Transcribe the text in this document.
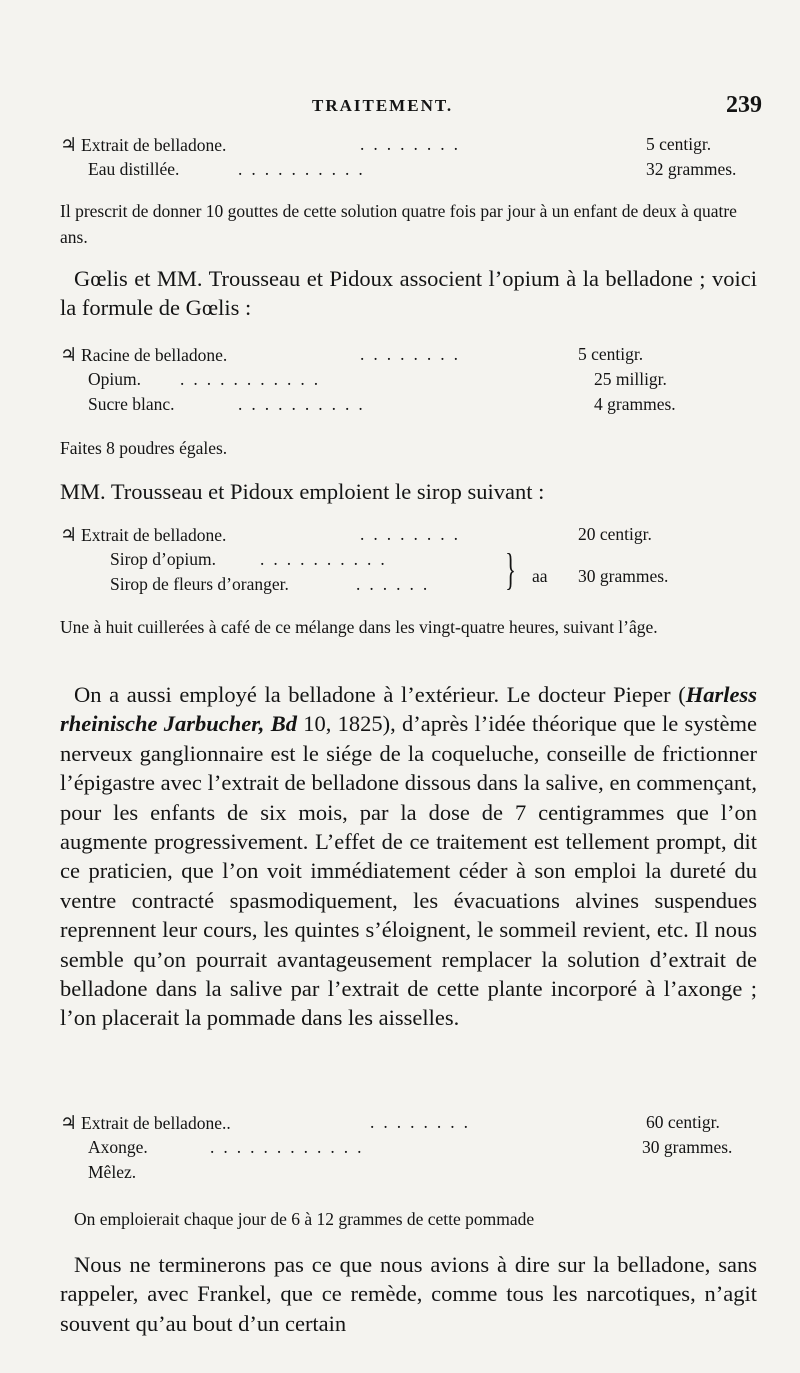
TRAITEMENT.	239
♃ Extrait de belladone.	........	5 centigr.
Eau distillée.	..........	32 grammes.
Il prescrit de donner 10 gouttes de cette solution quatre fois par jour à un enfant de deux à quatre ans.
Gœlis et MM. Trousseau et Pidoux associent l’opium à la belladone ; voici la formule de Gœlis :
♃ Racine de belladone.	........	5 centigr.
Opium. ...........	25 milligr.
Sucre blanc.	..........	4 grammes.
Faites 8 poudres égales.
MM. Trousseau et Pidoux emploient le sirop suivant :
♃ Extrait de belladone.	........	20 centigr.
Sirop d’opium.	..........
Sirop de fleurs d’oranger.	...... } aa 30 grammes.
Une à huit cuillerées à café de ce mélange dans les vingt-quatre heures, suivant l’âge.
On a aussi employé la belladone à l’extérieur. Le docteur Pieper (Harless rheinische Jarbucher, Bd 10, 1825), d’après l’idée théorique que le système nerveux ganglionnaire est le siége de la coqueluche, conseille de frictionner l’épigastre avec l’extrait de belladone dissous dans la salive, en commençant, pour les enfants de six mois, par la dose de 7 centigrammes que l’on augmente progressivement. L’effet de ce traitement est tellement prompt, dit ce praticien, que l’on voit immédiatement céder à son emploi la dureté du ventre contracté spasmodiquement, les évacuations alvines suspendues reprennent leur cours, les quintes s’éloignent, le sommeil revient, etc. Il nous semble qu’on pourrait avantageusement remplacer la solution d’extrait de belladone dans la salive par l’extrait de cette plante incorporé à l’axonge ; l’on placerait la pommade dans les aisselles.
♃ Extrait de belladone..	........	60 centigr.
Axonge.	............	30 grammes.
Mêlez.
On emploierait chaque jour de 6 à 12 grammes de cette pommade
Nous ne terminerons pas ce que nous avions à dire sur la belladone, sans rappeler, avec Frankel, que ce remède, comme tous les narcotiques, n’agit souvent qu’au bout d’un certain
